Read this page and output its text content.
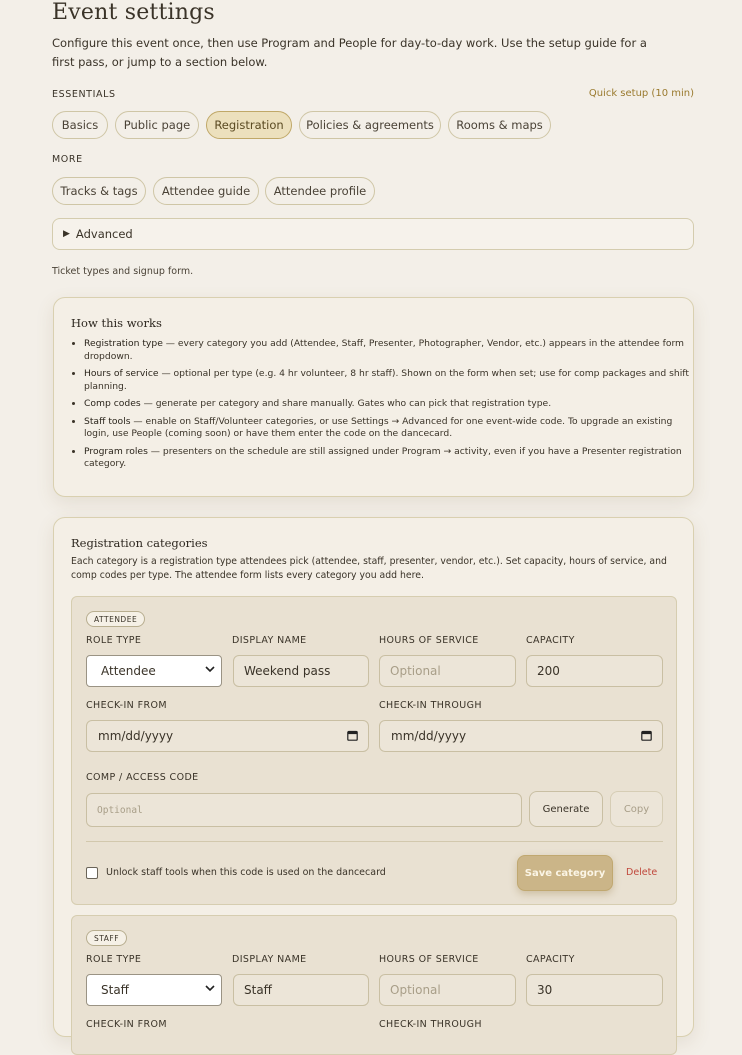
Event settings
Configure this event once, then use Program and People for day-to-day work. Use the setup guide for a first pass, or jump to a section below.
ESSENTIALS	Quick setup (10 min)
Basics	Public page	Registration	Policies & agreements	Rooms & maps
MORE
Tracks & tags	Attendee guide	Attendee profile
▶ Advanced
Ticket types and signup form.
How this works
• Registration type — every category you add (Attendee, Staff, Presenter, Photographer, Vendor, etc.) appears in the attendee form dropdown.
• Hours of service — optional per type (e.g. 4 hr volunteer, 8 hr staff). Shown on the form when set; use for comp packages and shift planning.
• Comp codes — generate per category and share manually. Gates who can pick that registration type.
• Staff tools — enable on Staff/Volunteer categories, or use Settings → Advanced for one event-wide code. To upgrade an existing login, use People (coming soon) or have them enter the code on the dancecard.
• Program roles — presenters on the schedule are still assigned under Program → activity, even if you have a Presenter registration category.
Registration categories
Each category is a registration type attendees pick (attendee, staff, presenter, vendor, etc.). Set capacity, hours of service, and comp codes per type. The attendee form lists every category you add here.
ATTENDEE
ROLE TYPE	DISPLAY NAME	HOURS OF SERVICE	CAPACITY
Attendee	Weekend pass	Optional	200
CHECK-IN FROM	CHECK-IN THROUGH
mm/dd/yyyy	mm/dd/yyyy
COMP / ACCESS CODE
Optional	Generate	Copy
Unlock staff tools when this code is used on the dancecard	Save category	Delete
STAFF
ROLE TYPE	DISPLAY NAME	HOURS OF SERVICE	CAPACITY
Staff	Staff	Optional	30
CHECK-IN FROM	CHECK-IN THROUGH
